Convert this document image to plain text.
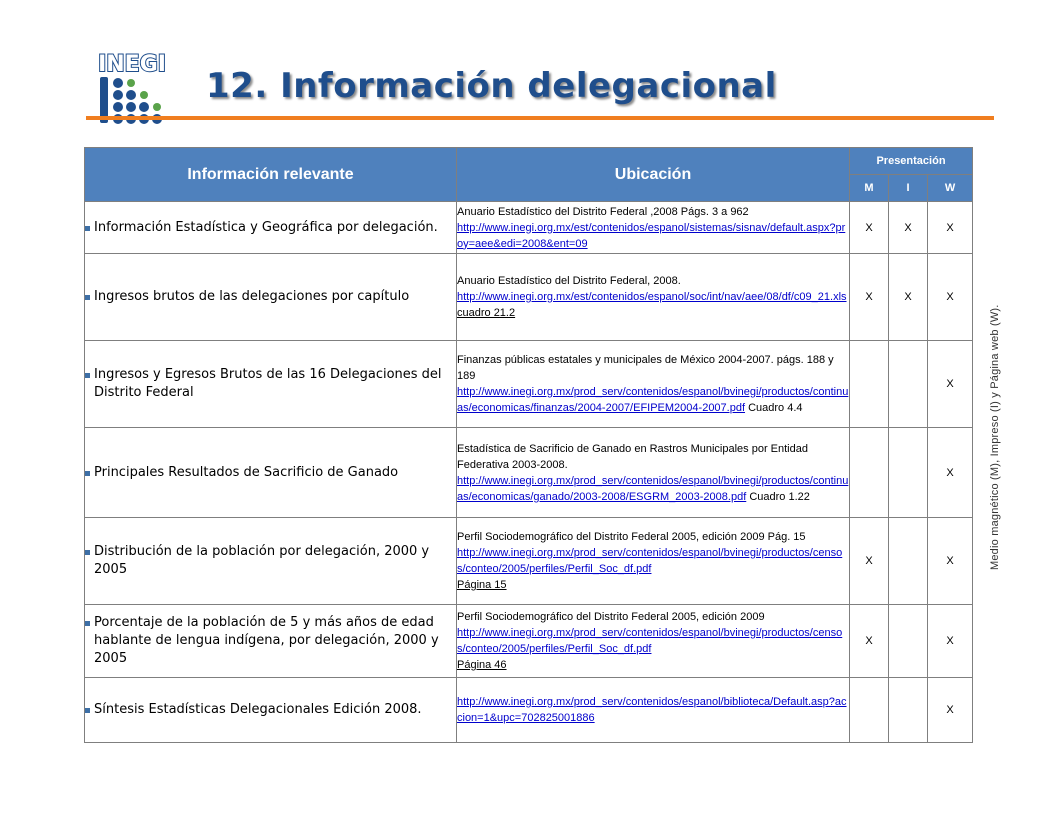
INEGI
12. Información delegacional
Información relevante	Ubicación	Presentación		
		M	I	W

Información Estadística y Geográfica por delegación.	Anuario Estadístico del Distrito Federal ,2008 Págs. 3 a 962
http://www.inegi.org.mx/est/contenidos/espanol/sistemas/sisnav/default.aspx?proy=aee&edi=2008&ent=09	X	X	X

Ingresos brutos de las delegaciones por capítulo	Anuario Estadístico del Distrito Federal, 2008.
http://www.inegi.org.mx/est/contenidos/espanol/soc/int/nav/aee/08/df/c09_21.xls
cuadro 21.2	X	X	X

Ingresos y Egresos Brutos de las 16 Delegaciones del Distrito Federal	Finanzas públicas estatales y municipales de México 2004-2007. págs. 188 y 189
http://www.inegi.org.mx/prod_serv/contenidos/espanol/bvinegi/productos/continuas/economicas/finanzas/2004-2007/EFIPEM2004-2007.pdf Cuadro 4.4			X

Principales Resultados de Sacrificio de Ganado	Estadística de Sacrificio de Ganado en Rastros Municipales por Entidad Federativa 2003-2008.
http://www.inegi.org.mx/prod_serv/contenidos/espanol/bvinegi/productos/continuas/economicas/ganado/2003-2008/ESGRM_2003-2008.pdf Cuadro 1.22			X

Distribución de la población por delegación, 2000 y 2005	Perfil Sociodemográfico del Distrito Federal 2005, edición 2009 Pág. 15
http://www.inegi.org.mx/prod_serv/contenidos/espanol/bvinegi/productos/censos/conteo/2005/perfiles/Perfil_Soc_df.pdf
Página 15	X		X

Porcentaje de la población de 5 y más años de edad hablante de lengua indígena, por delegación, 2000 y 2005	Perfil Sociodemográfico del Distrito Federal 2005, edición 2009
http://www.inegi.org.mx/prod_serv/contenidos/espanol/bvinegi/productos/censos/conteo/2005/perfiles/Perfil_Soc_df.pdf
Página 46	X		X

Síntesis Estadísticas Delegacionales Edición 2008.	http://www.inegi.org.mx/prod_serv/contenidos/espanol/biblioteca/Default.asp?accion=1&upc=702825001886			X
Medio magnético (M), Impreso (I) y Página web (W).
